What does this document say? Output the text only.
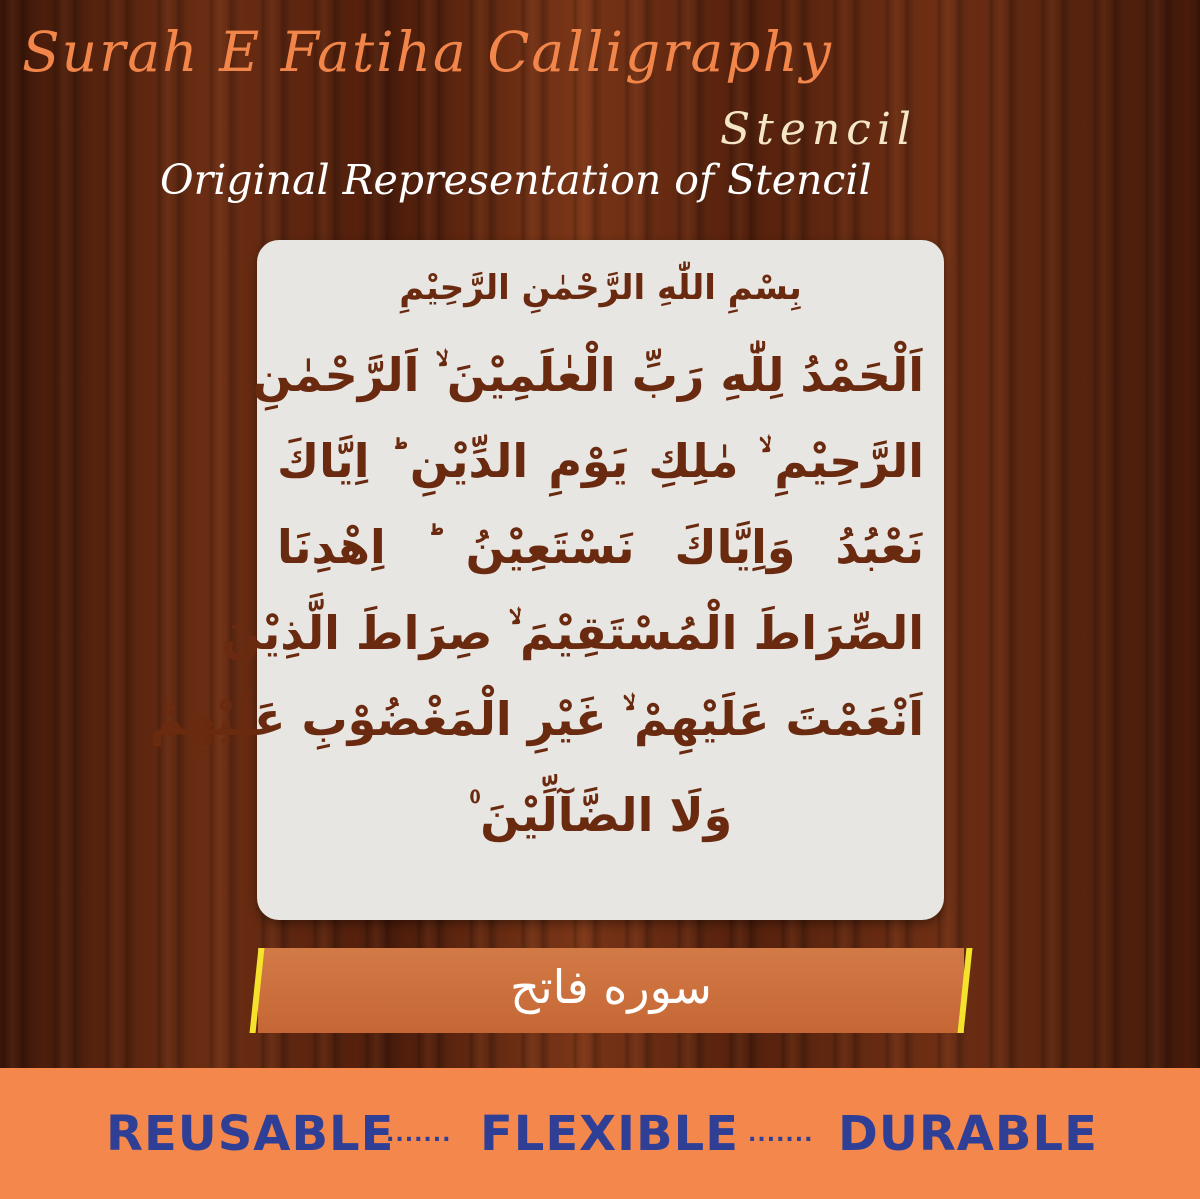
Surah E Fatiha Calligraphy
Stencil
Original Representation of Stencil
بِسْمِ اللّٰهِ الرَّحْمٰنِ الرَّحِيْمِ
اَلْحَمْدُ لِلّٰهِ رَبِّ الْعٰلَمِيْنَ ۙ اَلرَّحْمٰنِ
الرَّحِيْمِ ۙ مٰلِكِ يَوْمِ الدِّيْنِ ؕ اِيَّاكَ
نَعْبُدُ وَاِيَّاكَ نَسْتَعِيْنُ ؕ اِهْدِنَا
الصِّرَاطَ الْمُسْتَقِيْمَ ۙ صِرَاطَ الَّذِيْنَ
اَنْعَمْتَ عَلَيْهِمْ ۙ غَيْرِ الْمَغْضُوْبِ عَلَيْهِمْ
وَلَا الضَّآلِّيْنَ ۠
سوره فاتح
REUSABLE
....... FLEXIBLE ....... DURABLE
